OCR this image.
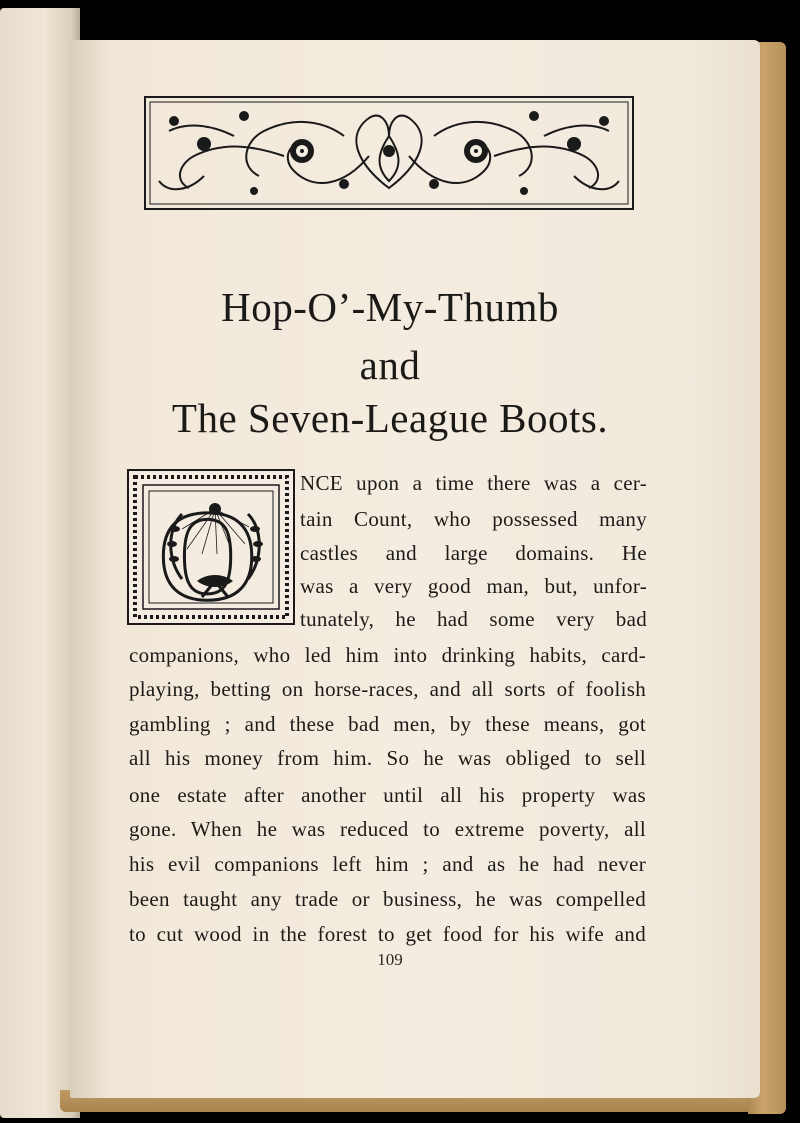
Hop-O’-My-Thumb
and
The Seven-League Boots.
O
NCE upon a time there was a cer-
tain Count, who possessed many
castles and large domains. He
was a very good man, but, unfor-
tunately, he had some very bad
companions, who led him into drinking habits, card-
playing, betting on horse-races, and all sorts of foolish
gambling ; and these bad men, by these means, got
all his money from him. So he was obliged to sell
one estate after another until all his property was
gone. When he was reduced to extreme poverty, all
his evil companions left him ; and as he had never
been taught any trade or business, he was compelled
to cut wood in the forest to get food for his wife and
109
